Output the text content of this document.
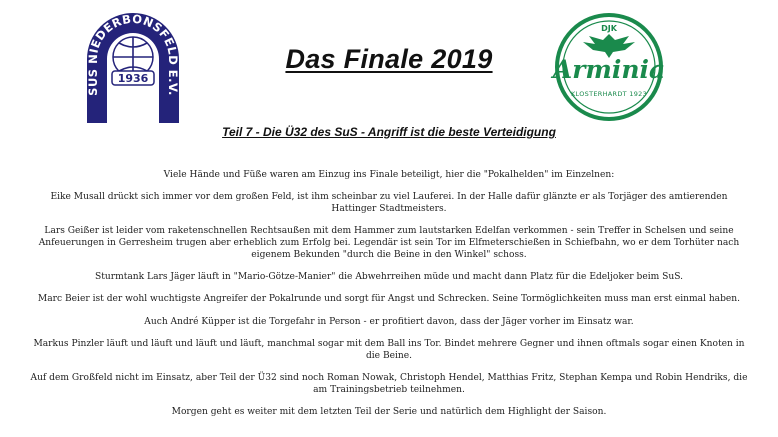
SUS NIEDERBONSFELD E.V.
1936
Das Finale 2019
DJK
Arminia
KLOSTERHARDT 1923
Teil 7 - Die Ü32 des SuS - Angriff ist die beste Verteidigung

Viele Hände und Füße waren am Einzug ins Finale beteiligt, hier die "Pokalhelden" im Einzelnen:

Eike Musall drückt sich immer vor dem großen Feld, ist ihm scheinbar zu viel Lauferei. In der Halle dafür glänzte er als Torjäger des amtierenden Hattinger Stadtmeisters.

Lars Geißer ist leider vom raketenschnellen Rechtsaußen mit dem Hammer zum lautstarken Edelfan verkommen - sein Treffer in Schelsen und seine Anfeuerungen in Gerresheim trugen aber erheblich zum Erfolg bei. Legendär ist sein Tor im Elfmeterschießen in Schiefbahn, wo er dem Torhüter nach eigenem Bekunden "durch die Beine in den Winkel" schoss.

Sturmtank Lars Jäger läuft in "Mario-Götze-Manier" die Abwehrreihen müde und macht dann Platz für die Edeljoker beim SuS.

Marc Beier ist der wohl wuchtigste Angreifer der Pokalrunde und sorgt für Angst und Schrecken. Seine Tormöglichkeiten muss man erst einmal haben.

Auch André Küpper ist die Torgefahr in Person - er profitiert davon, dass der Jäger vorher im Einsatz war.

Markus Pinzler läuft und läuft und läuft und läuft, manchmal sogar mit dem Ball ins Tor. Bindet mehrere Gegner und ihnen oftmals sogar einen Knoten in die Beine.

Auf dem Großfeld nicht im Einsatz, aber Teil der Ü32 sind noch Roman Nowak, Christoph Hendel, Matthias Fritz, Stephan Kempa und Robin Hendriks, die am Trainingsbetrieb teilnehmen.

Morgen geht es weiter mit dem letzten Teil der Serie und natürlich dem Highlight der Saison.
